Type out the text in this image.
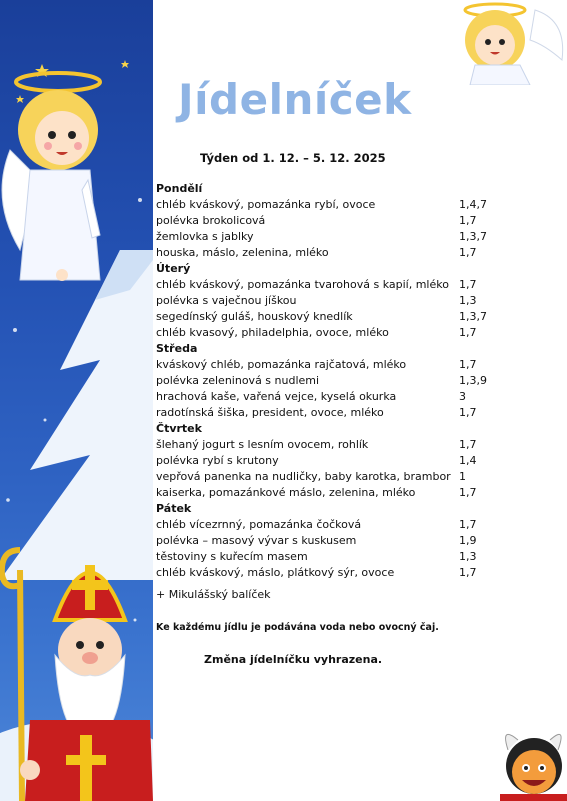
Jídelníček

Týden od 1. 12. – 5. 12. 2025

Pondělí
chléb kváskový, pomazánka rybí, ovoce	1,4,7
polévka brokolicová	1,7
žemlovka s jablky	1,3,7
houska, máslo, zelenina, mléko	1,7
Úterý
chléb kváskový, pomazánka tvarohová s kapií, mléko 1,7
polévka s vaječnou jíškou	1,3
segedínský guláš, houskový knedlík	1,3,7
chléb kvasový, philadelphia, ovoce, mléko	1,7
Středa
kváskový chléb, pomazánka rajčatová, mléko	1,7
polévka zeleninová s nudlemi	1,3,9
hrachová kaše, vařená vejce, kyselá okurka	3
radotínská šiška, president, ovoce, mléko	1,7
Čtvrtek
šlehaný jogurt s lesním ovocem, rohlík	1,7
polévka rybí s krutony	1,4
vepřová panenka na nudličky, baby karotka, brambor 1
kaiserka, pomazánkové máslo, zelenina, mléko	1,7
Pátek
chléb vícezrnný, pomazánka čočková	1,7
polévka – masový vývar s kuskusem	1,9
těstoviny s kuřecím masem	1,3
chléb kváskový, máslo, plátkový sýr, ovoce	1,7

+ Mikulášský balíček

Ke každému jídlu je podávána voda nebo ovocný čaj.

Změna jídelníčku vyhrazena.
